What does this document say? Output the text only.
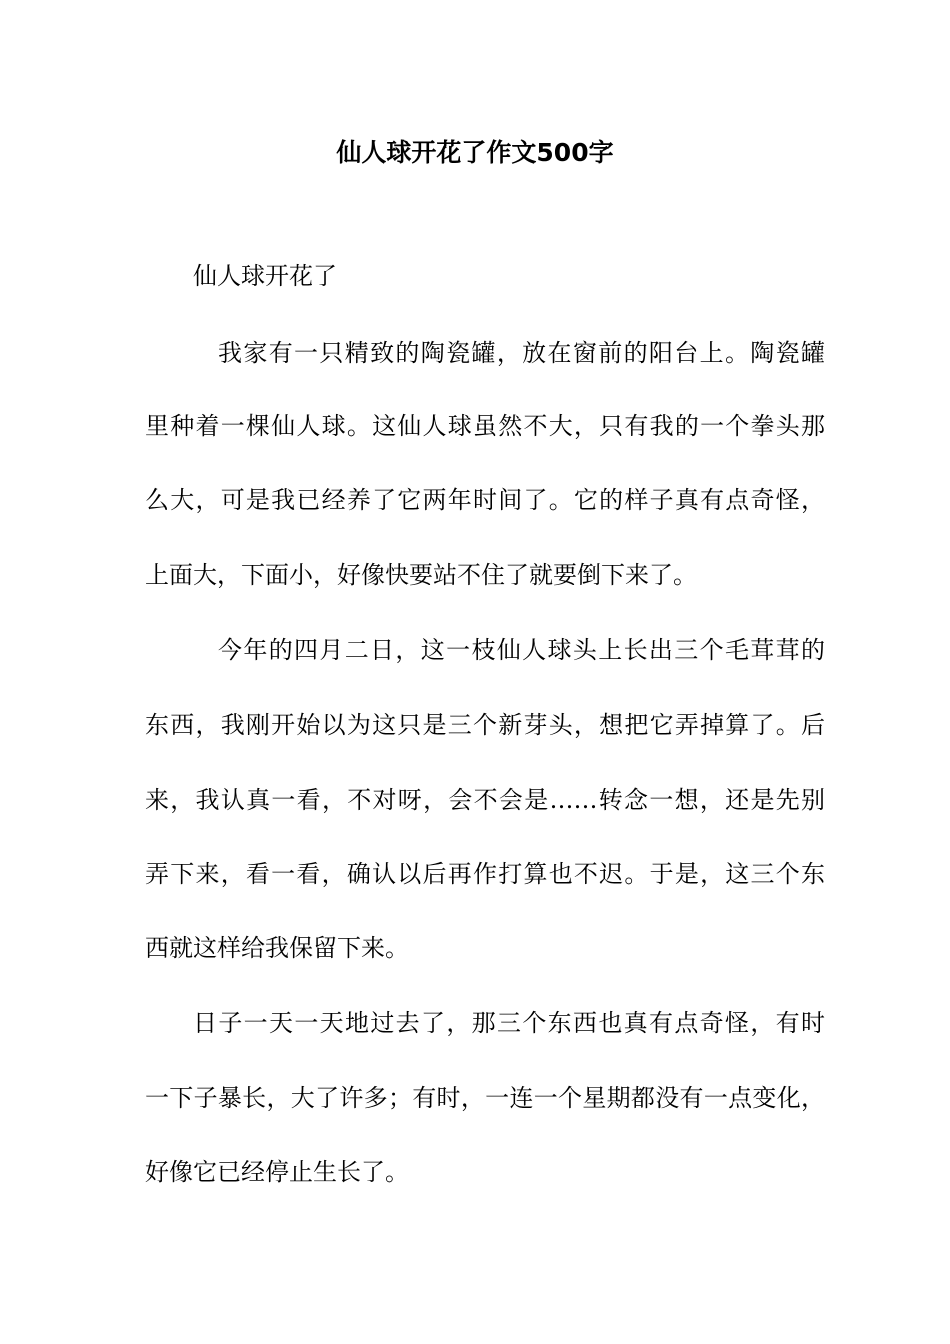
仙人球开花了作文500字

仙人球开花了

我家有一只精致的陶瓷罐，放在窗前的阳台上。陶瓷罐

里种着一棵仙人球。这仙人球虽然不大，只有我的一个拳头那

么大，可是我已经养了它两年时间了。它的样子真有点奇怪，

上面大，下面小，好像快要站不住了就要倒下来了。

今年的四月二日，这一枝仙人球头上长出三个毛茸茸的

东西，我刚开始以为这只是三个新芽头，想把它弄掉算了。后

来，我认真一看，不对呀，会不会是……转念一想，还是先别

弄下来，看一看，确认以后再作打算也不迟。于是，这三个东

西就这样给我保留下来。

日子一天一天地过去了，那三个东西也真有点奇怪，有时

一下子暴长，大了许多；有时，一连一个星期都没有一点变化，

好像它已经停止生长了。
